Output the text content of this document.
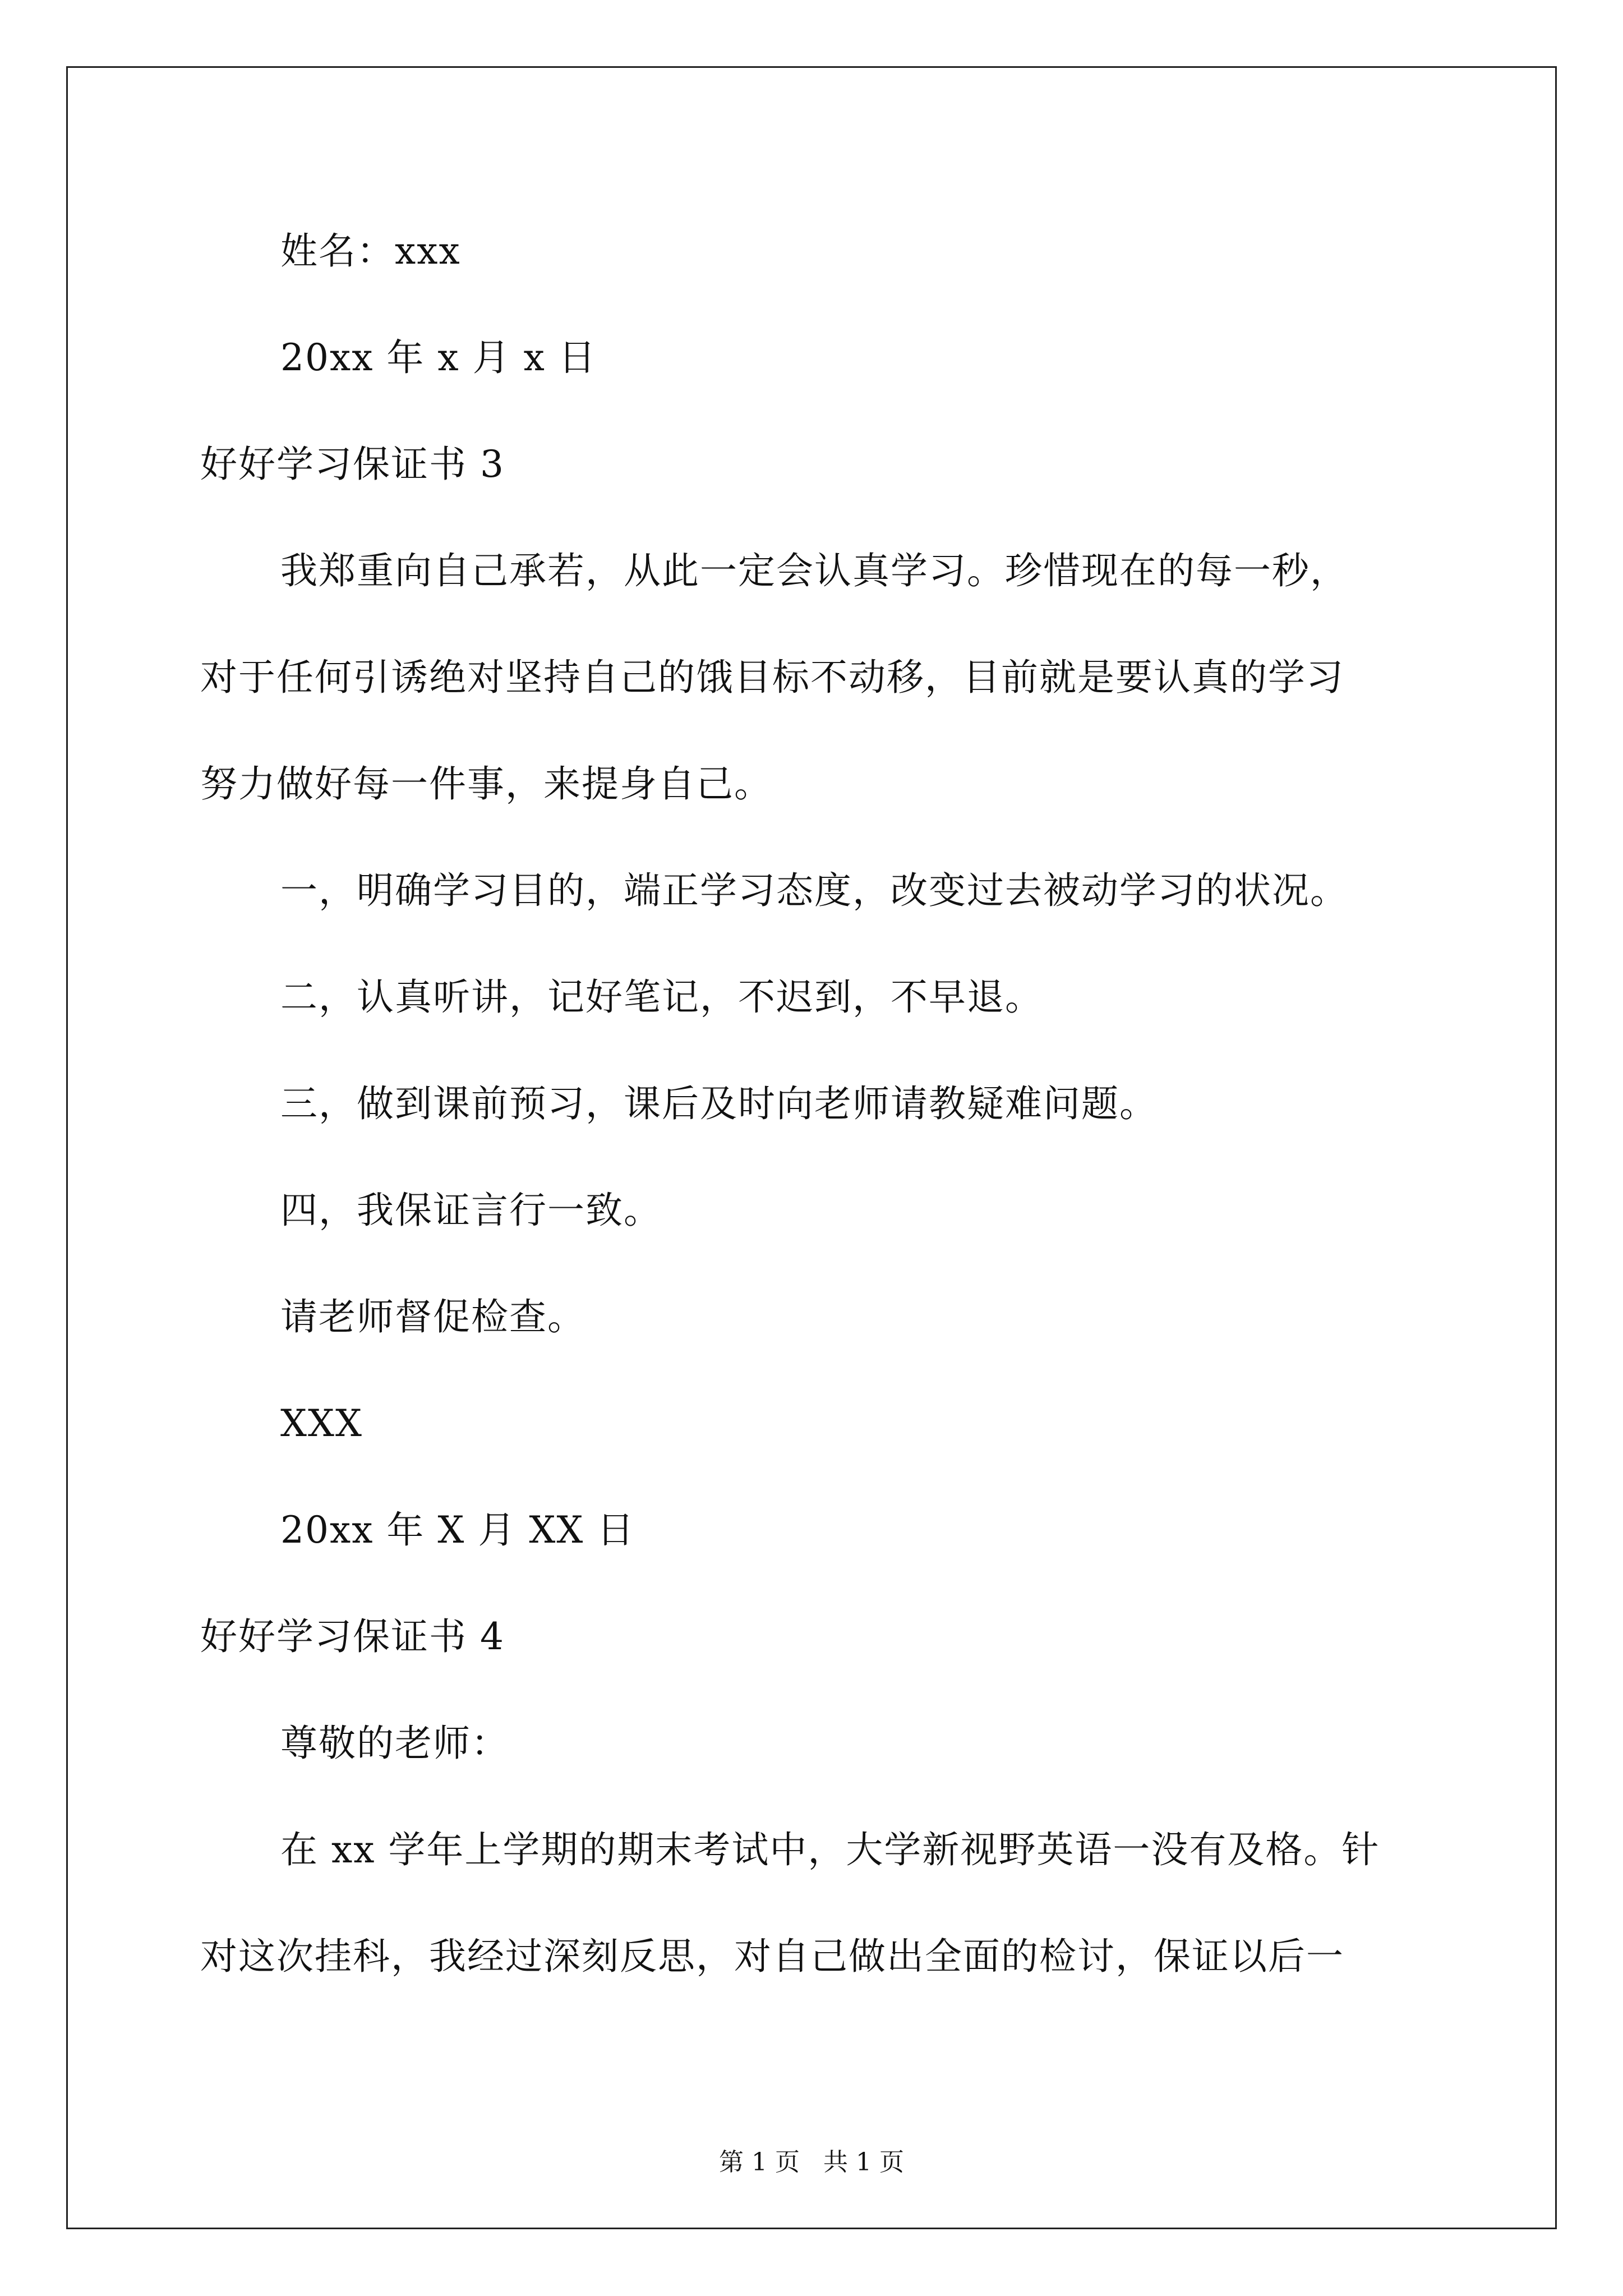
姓名：xxx
20xx 年 x 月 x 日
好好学习保证书 3
我郑重向自己承若，从此一定会认真学习。珍惜现在的每一秒，
对于任何引诱绝对坚持自己的饿目标不动移，目前就是要认真的学习
努力做好每一件事，来提身自己。
一，明确学习目的，端正学习态度，改变过去被动学习的状况。
二，认真听讲，记好笔记，不迟到，不早退。
三，做到课前预习，课后及时向老师请教疑难问题。
四，我保证言行一致。
请老师督促检查。
XXX
20xx 年 X 月 XX 日
好好学习保证书 4
尊敬的老师：
在 xx 学年上学期的期末考试中，大学新视野英语一没有及格。针
对这次挂科，我经过深刻反思，对自己做出全面的检讨，保证以后一
第 1 页   共 1 页
